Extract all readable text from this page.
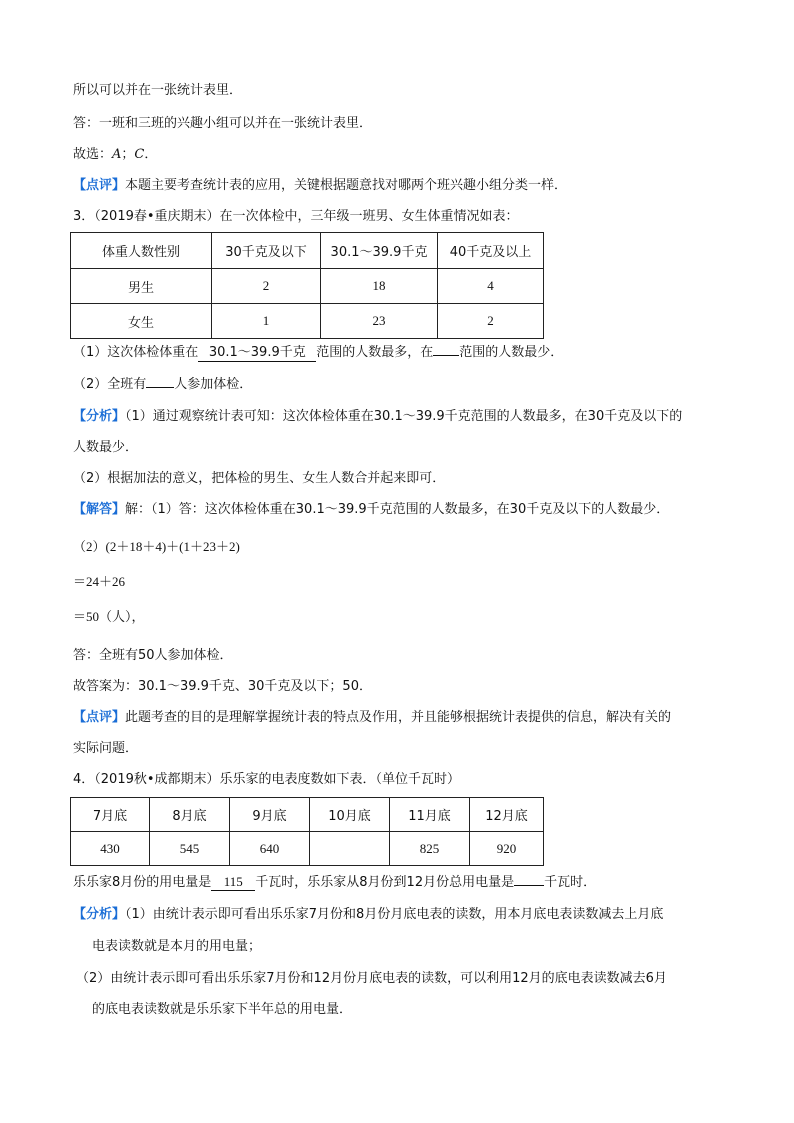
所以可以并在一张统计表里．
答：一班和三班的兴趣小组可以并在一张统计表里．
故选：A；C．
【点评】本题主要考查统计表的应用，关键根据题意找对哪两个班兴趣小组分类一样．
3．（2019春•重庆期末）在一次体检中，三年级一班男、女生体重情况如表：
体重人数性别	30千克及以下	30.1～39.9千克	40千克及以上
男生	2	18	4
女生	1	23	2
（1）这次体检体重在 30.1～39.9千克 范围的人数最多，在 范围的人数最少．
（2）全班有 人参加体检．
【分析】（1）通过观察统计表可知：这次体检体重在30.1～39.9千克范围的人数最多，在30千克及以下的
人数最少．
（2）根据加法的意义，把体检的男生、女生人数合并起来即可．
【解答】解：（1）答：这次体检体重在30.1～39.9千克范围的人数最多，在30千克及以下的人数最少．
（2）(2＋18＋4)＋(1＋23＋2)
＝24＋26
＝50（人），
答：全班有50人参加体检．
故答案为：30.1～39.9千克、30千克及以下；50．
【点评】此题考查的目的是理解掌握统计表的特点及作用，并且能够根据统计表提供的信息，解决有关的
实际问题．
4．（2019秋•成都期末）乐乐家的电表度数如下表．（单位千瓦时）
7月底	8月底	9月底	10月底	11月底	12月底
430	545	640		825	920
乐乐家8月份的用电量是 115 千瓦时，乐乐家从8月份到12月份总用电量是 千瓦时．
【分析】（1）由统计表示即可看出乐乐家7月份和8月份月底电表的读数，用本月底电表读数减去上月底
电表读数就是本月的用电量；
（2）由统计表示即可看出乐乐家7月份和12月份月底电表的读数，可以利用12月的底电表读数减去6月
的底电表读数就是乐乐家下半年总的用电量．
